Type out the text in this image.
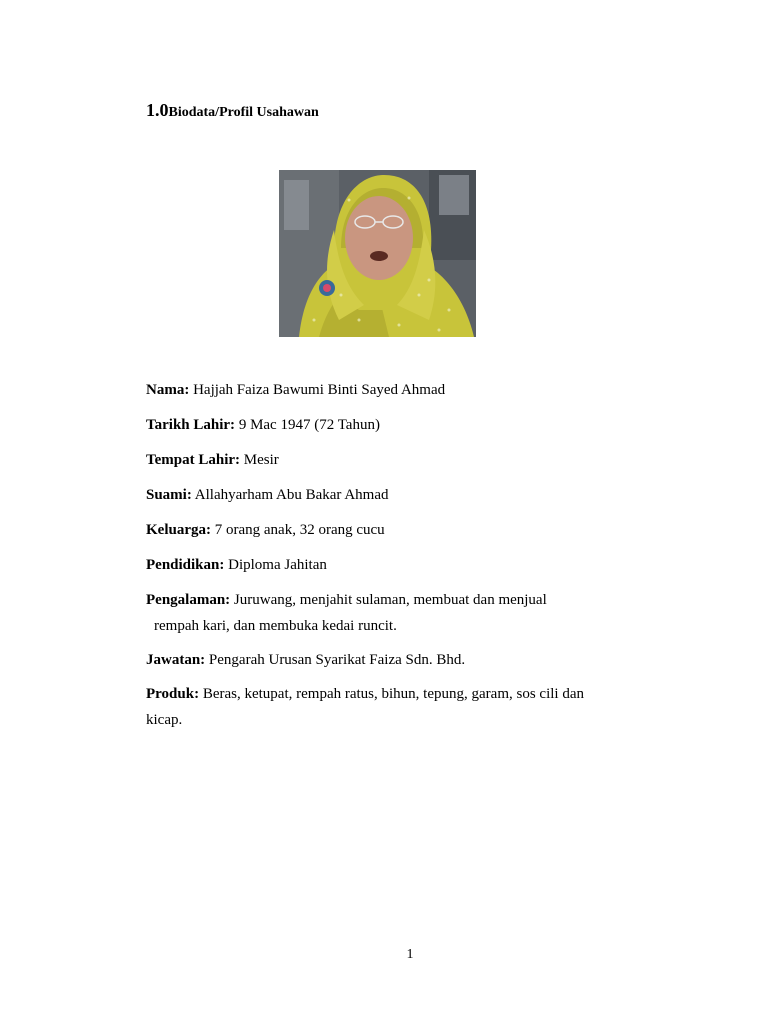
1.0Biodata/Profil Usahawan
Nama: Hajjah Faiza Bawumi Binti Sayed Ahmad
Tarikh Lahir: 9 Mac 1947 (72 Tahun)
Tempat Lahir: Mesir
Suami: Allahyarham Abu Bakar Ahmad
Keluarga: 7 orang anak, 32 orang cucu
Pendidikan: Diploma Jahitan
Pengalaman: Juruwang, menjahit sulaman, membuat dan menjual
rempah kari, dan membuka kedai runcit.
Jawatan: Pengarah Urusan Syarikat Faiza Sdn. Bhd.
Produk: Beras, ketupat, rempah ratus, bihun, tepung, garam, sos cili dan
kicap.
1
